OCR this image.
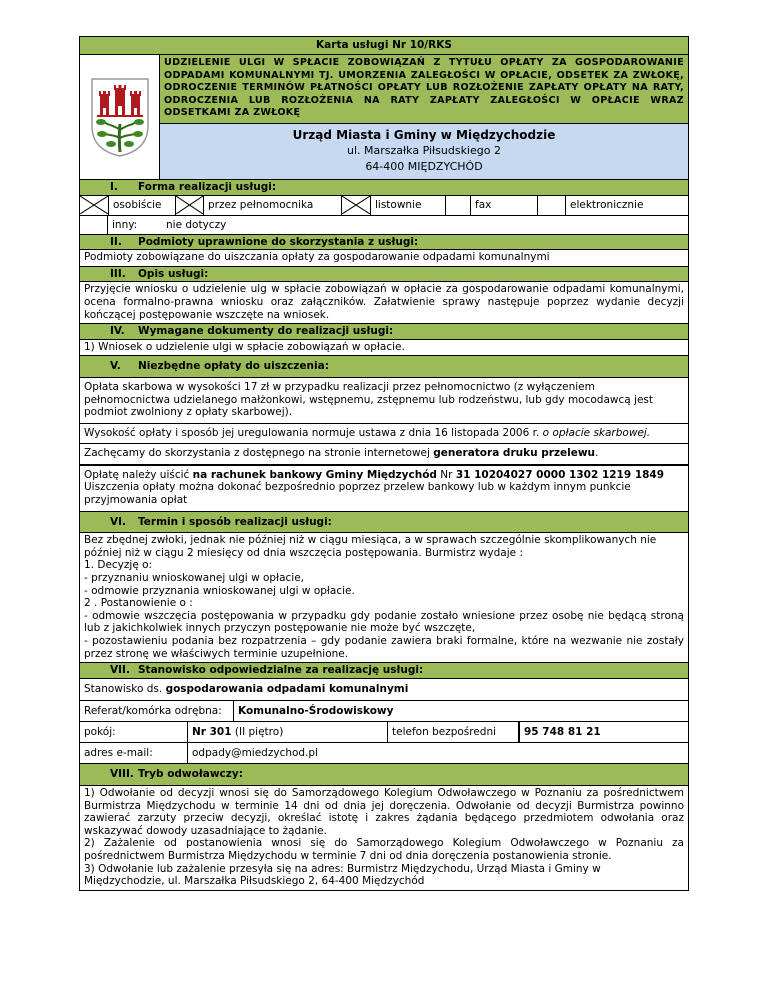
Karta usługi Nr 10/RKS
UDZIELENIE ULGI W SPŁACIE ZOBOWIĄZAŃ Z TYTUŁU OPŁATY ZA GOSPODAROWANIE ODPADAMI KOMUNALNYMI TJ. UMORZENIA ZALEGŁOŚCI W OPŁACIE, ODSETEK ZA ZWŁOKĘ, ODROCZENIE TERMINÓW PŁATNOŚCI OPŁATY LUB ROZŁOŻENIE ZAPŁATY OPŁATY NA RATY, ODROCZENIA LUB ROZŁOŻENIA NA RATY ZAPŁATY ZALEGŁOŚCI W OPŁACIE WRAZ ODSETKAMI ZA ZWŁOKĘ
Urząd Miasta i Gminy w Międzychodzie
ul. Marszałka Piłsudskiego 2
64-400 MIĘDZYCHÓD
I.	Forma realizacji usługi:
osobiście	przez pełnomocnika	listownie	fax	elektronicznie
inny:	nie dotyczy
II.	Podmioty uprawnione do skorzystania z usługi:
Podmioty zobowiązane do uiszczania opłaty za gospodarowanie odpadami komunalnymi
III.	Opis usługi:
Przyjęcie wniosku o udzielenie ulg w spłacie zobowiązań w opłacie za gospodarowanie odpadami komunalnymi, ocena formalno-prawna wniosku oraz załączników. Załatwienie sprawy następuje poprzez wydanie decyzji kończącej postępowanie wszczęte na wniosek.
IV.	Wymagane dokumenty do realizacji usługi:
1) Wniosek o udzielenie ulgi w spłacie zobowiązań w opłacie.
V.	Niezbędne opłaty do uiszczenia:
Opłata skarbowa w wysokości 17 zł w przypadku realizacji przez pełnomocnictwo (z wyłączeniem pełnomocnictwa udzielanego małżonkowi, wstępnemu, zstępnemu lub rodzeństwu, lub gdy mocodawcą jest podmiot zwolniony z opłaty skarbowej).
Wysokość opłaty i sposób jej uregulowania normuje ustawa z dnia 16 listopada 2006 r. o opłacie skarbowej.
Zachęcamy do skorzystania z dostępnego na stronie internetowej generatora druku przelewu.
Opłatę należy uiścić na rachunek bankowy Gminy Międzychód Nr 31 10204027 0000 1302 1219 1849
Uiszczenia opłaty można dokonać bezpośrednio poprzez przelew bankowy lub w każdym innym punkcie przyjmowania opłat
VI.	Termin i sposób realizacji usługi:

Bez zbędnej zwłoki, jednak nie później niż w ciągu miesiąca, a w sprawach szczególnie skomplikowanych nie później niż w ciągu 2 miesięcy od dnia wszczęcia postępowania. Burmistrz wydaje :

1. Decyzję o:

- przyznaniu wnioskowanej ulgi w opłacie,

- odmowie przyznania wnioskowanej ulgi w opłacie.

2 . Postanowienie o :

- odmowie wszczęcia postępowania w przypadku gdy podanie zostało wniesione przez osobę nie będącą stroną lub z jakichkolwiek innych przyczyn postępowanie nie może być wszczęte,

- pozostawieniu podania bez rozpatrzenia – gdy podanie zawiera braki formalne, które na wezwanie nie zostały przez stronę we właściwych terminie uzupełnione.

VII. Stanowisko odpowiedzialne za realizację usługi:
Stanowisko ds. gospodarowania odpadami komunalnymi
Referat/komórka odrębna:	Komunalno-Środowiskowy
pokój:	Nr 301 (II piętro)	telefon bezpośredni	95 748 81 21
adres e-mail:	odpady@miedzychod.pl
VIII. Tryb odwoławczy:

1) Odwołanie od decyzji wnosi się do Samorządowego Kolegium Odwoławczego w Poznaniu za pośrednictwem Burmistrza Międzychodu w terminie 14 dni od dnia jej doręczenia. Odwołanie od decyzji Burmistrza powinno zawierać zarzuty przeciw decyzji, określać istotę i zakres żądania będącego przedmiotem odwołania oraz wskazywać dowody uzasadniające to żądanie.

2) Zażalenie od postanowienia wnosi się do Samorządowego Kolegium Odwoławczego w Poznaniu za pośrednictwem Burmistrza Międzychodu w terminie 7 dni od dnia doręczenia postanowienia stronie.

3) Odwołanie lub zażalenie przesyła się na adres: Burmistrz Międzychodu, Urząd Miasta i Gminy w Międzychodzie, ul. Marszałka Piłsudskiego 2, 64-400 Międzychód
